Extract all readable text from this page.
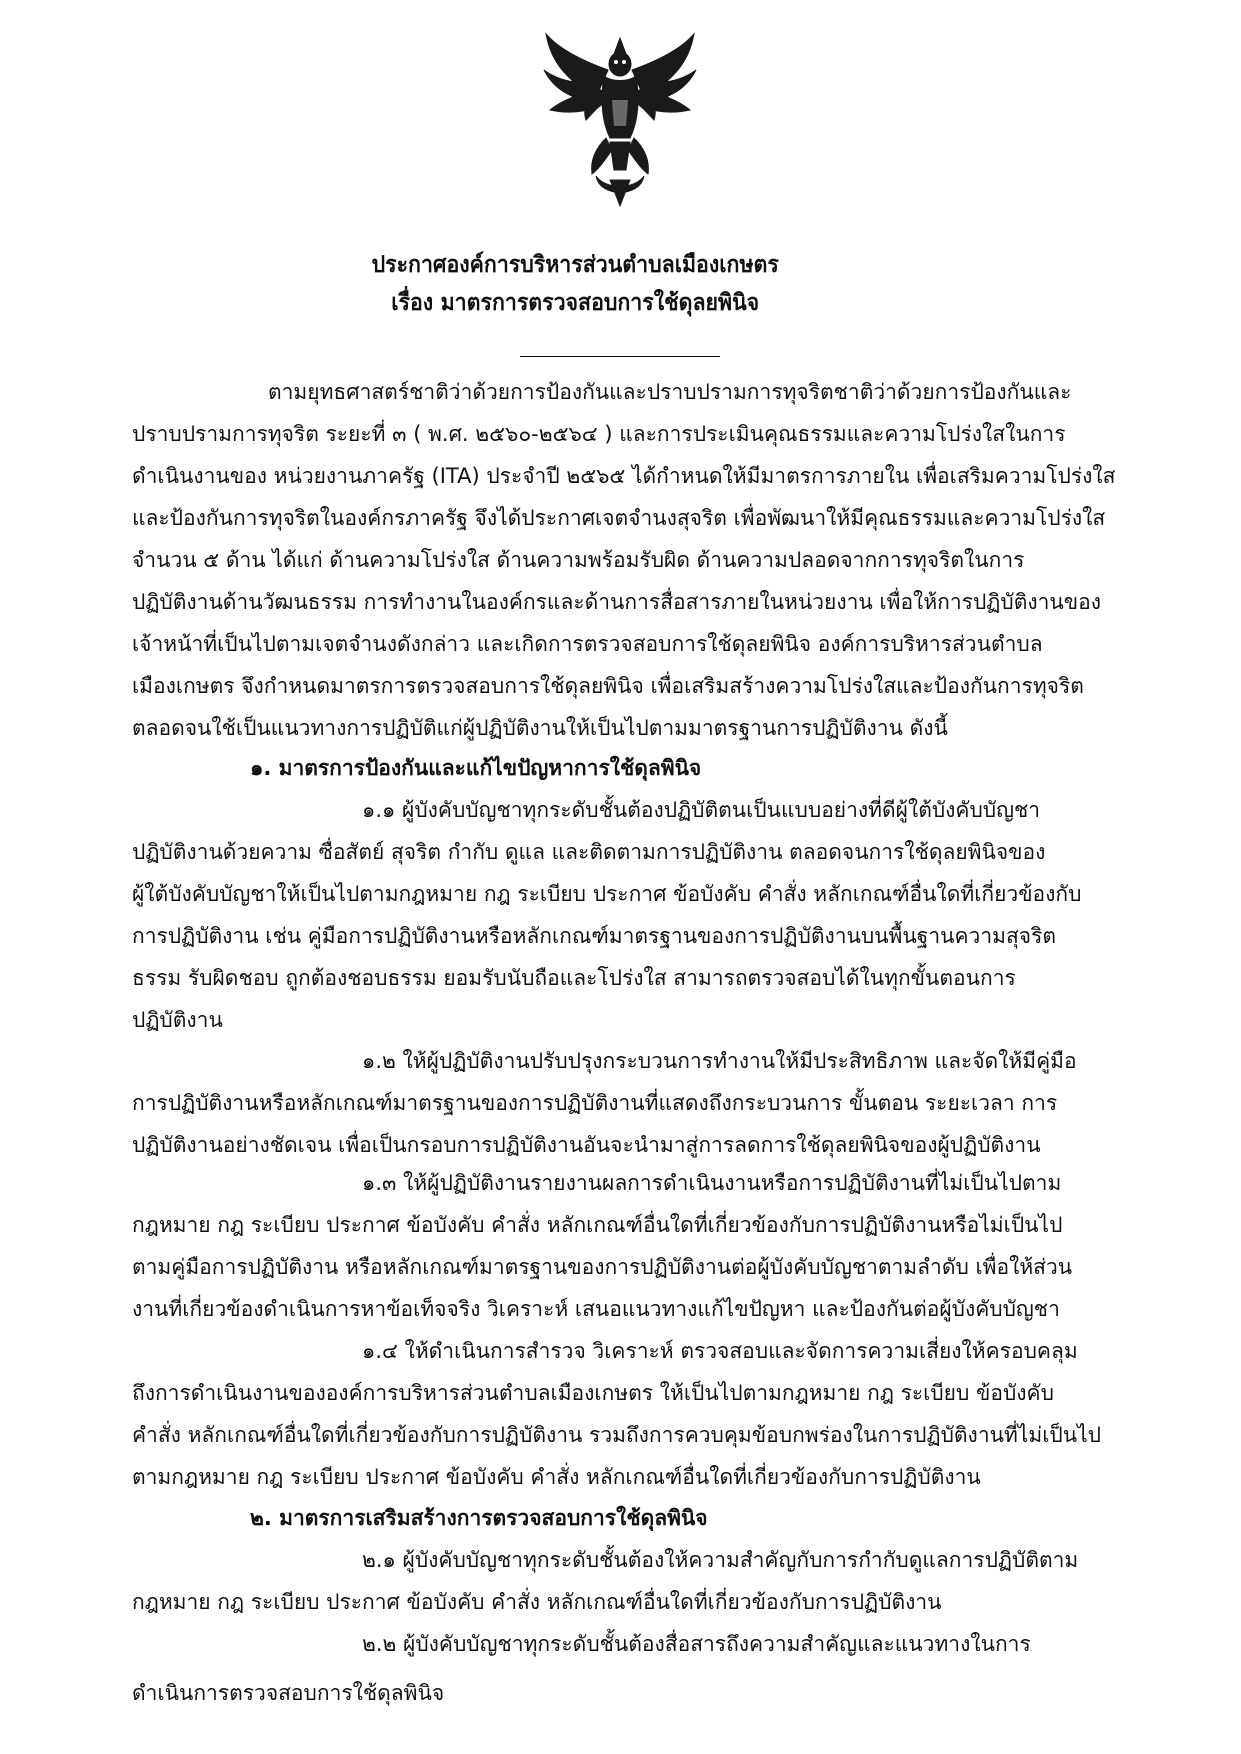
ประกาศองค์การบริหารส่วนตำบลเมืองเกษตร
เรื่อง มาตรการตรวจสอบการใช้ดุลยพินิจ
ตามยุทธศาสตร์ชาติว่าด้วยการป้องกันและปราบปรามการทุจริตชาติว่าด้วยการป้องกันและ
ปราบปรามการทุจริต ระยะที่ ๓ ( พ.ศ. ๒๕๖๐-๒๕๖๔ ) และการประเมินคุณธรรมและความโปร่งใสในการ
ดำเนินงานของ หน่วยงานภาครัฐ (ITA) ประจำปี ๒๕๖๕ ได้กำหนดให้มีมาตรการภายใน เพื่อเสริมความโปร่งใส
และป้องกันการทุจริตในองค์กรภาครัฐ จึงได้ประกาศเจตจำนงสุจริต เพื่อพัฒนาให้มีคุณธรรมและความโปร่งใส
จำนวน ๕ ด้าน ได้แก่ ด้านความโปร่งใส ด้านความพร้อมรับผิด ด้านความปลอดจากการทุจริตในการ
ปฏิบัติงานด้านวัฒนธรรม การทำงานในองค์กรและด้านการสื่อสารภายในหน่วยงาน เพื่อให้การปฏิบัติงานของ
เจ้าหน้าที่เป็นไปตามเจตจำนงดังกล่าว และเกิดการตรวจสอบการใช้ดุลยพินิจ องค์การบริหารส่วนตำบล
เมืองเกษตร จึงกำหนดมาตรการตรวจสอบการใช้ดุลยพินิจ เพื่อเสริมสร้างความโปร่งใสและป้องกันการทุจริต
ตลอดจนใช้เป็นแนวทางการปฏิบัติแก่ผู้ปฏิบัติงานให้เป็นไปตามมาตรฐานการปฏิบัติงาน ดังนี้
๑. มาตรการป้องกันและแก้ไขปัญหาการใช้ดุลพินิจ
๑.๑ ผู้บังคับบัญชาทุกระดับชั้นต้องปฏิบัติตนเป็นแบบอย่างที่ดีผู้ใต้บังคับบัญชา
ปฏิบัติงานด้วยความ ซื่อสัตย์ สุจริต กำกับ ดูแล และติดตามการปฏิบัติงาน ตลอดจนการใช้ดุลยพินิจของ
ผู้ใต้บังคับบัญชาให้เป็นไปตามกฎหมาย กฎ ระเบียบ ประกาศ ข้อบังคับ คำสั่ง หลักเกณฑ์อื่นใดที่เกี่ยวข้องกับ
การปฏิบัติงาน เช่น คู่มือการปฏิบัติงานหรือหลักเกณฑ์มาตรฐานของการปฏิบัติงานบนพื้นฐานความสุจริต
ธรรม รับผิดชอบ ถูกต้องชอบธรรม ยอมรับนับถือและโปร่งใส สามารถตรวจสอบได้ในทุกขั้นตอนการ
ปฏิบัติงาน
๑.๒ ให้ผู้ปฏิบัติงานปรับปรุงกระบวนการทำงานให้มีประสิทธิภาพ และจัดให้มีคู่มือ
การปฏิบัติงานหรือหลักเกณฑ์มาตรฐานของการปฏิบัติงานที่แสดงถึงกระบวนการ ขั้นตอน ระยะเวลา การ
ปฏิบัติงานอย่างชัดเจน เพื่อเป็นกรอบการปฏิบัติงานอันจะนำมาสู่การลดการใช้ดุลยพินิจของผู้ปฏิบัติงาน
๑.๓ ให้ผู้ปฏิบัติงานรายงานผลการดำเนินงานหรือการปฏิบัติงานที่ไม่เป็นไปตาม
กฎหมาย กฎ ระเบียบ ประกาศ ข้อบังคับ คำสั่ง หลักเกณฑ์อื่นใดที่เกี่ยวข้องกับการปฏิบัติงานหรือไม่เป็นไป
ตามคู่มือการปฏิบัติงาน หรือหลักเกณฑ์มาตรฐานของการปฏิบัติงานต่อผู้บังคับบัญชาตามลำดับ เพื่อให้ส่วน
งานที่เกี่ยวข้องดำเนินการหาข้อเท็จจริง วิเคราะห์ เสนอแนวทางแก้ไขปัญหา และป้องกันต่อผู้บังคับบัญชา
๑.๔ ให้ดำเนินการสำรวจ วิเคราะห์ ตรวจสอบและจัดการความเสี่ยงให้ครอบคลุม
ถึงการดำเนินงานขององค์การบริหารส่วนตำบลเมืองเกษตร ให้เป็นไปตามกฎหมาย กฎ ระเบียบ ข้อบังคับ
คำสั่ง หลักเกณฑ์อื่นใดที่เกี่ยวข้องกับการปฏิบัติงาน รวมถึงการควบคุมข้อบกพร่องในการปฏิบัติงานที่ไม่เป็นไป
ตามกฎหมาย กฎ ระเบียบ ประกาศ ข้อบังคับ คำสั่ง หลักเกณฑ์อื่นใดที่เกี่ยวข้องกับการปฏิบัติงาน
๒. มาตรการเสริมสร้างการตรวจสอบการใช้ดุลพินิจ
๒.๑ ผู้บังคับบัญชาทุกระดับชั้นต้องให้ความสำคัญกับการกำกับดูแลการปฏิบัติตาม
กฎหมาย กฎ ระเบียบ ประกาศ ข้อบังคับ คำสั่ง หลักเกณฑ์อื่นใดที่เกี่ยวข้องกับการปฏิบัติงาน
๒.๒ ผู้บังคับบัญชาทุกระดับชั้นต้องสื่อสารถึงความสำคัญและแนวทางในการ
ดำเนินการตรวจสอบการใช้ดุลพินิจ
